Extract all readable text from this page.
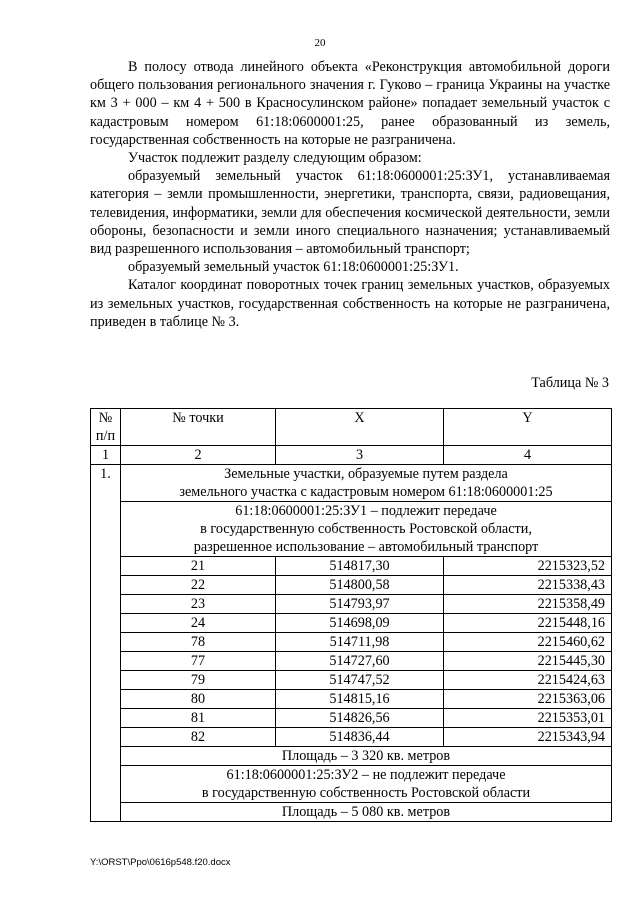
20

В полосу отвода линейного объекта «Реконструкция автомобильной дороги общего пользования регионального значения г. Гуково – граница Украины на участке км 3 + 000 – км 4 + 500 в Красносулинском районе» попадает земельный участок с кадастровым номером 61:18:0600001:25, ранее образованный из земель, государственная собственность на которые не разграничена.

Участок подлежит разделу следующим образом:

образуемый земельный участок 61:18:0600001:25:ЗУ1, устанавливаемая категория – земли промышленности, энергетики, транспорта, связи, радиовещания, телевидения, информатики, земли для обеспечения космической деятельности, земли обороны, безопасности и земли иного специального назначения; устанавливаемый вид разрешенного использования – автомобильный транспорт;

образуемый земельный участок 61:18:0600001:25:ЗУ1.

Каталог координат поворотных точек границ земельных участков, образуемых из земельных участков, государственная собственность на которые не разграничена, приведен в таблице № 3.

Таблица № 3
№ п/п	№ точки	X	Y
1	2	3	4
1.	Земельные участки, образуемые путем раздела
земельного участка с кадастровым номером 61:18:0600001:25		

	61:18:0600001:25:ЗУ1 – подлежит передаче
в государственную собственность Ростовской области,
разрешенное использование – автомобильный транспорт		

	21	514817,30	2215323,52
	22	514800,58	2215338,43
	23	514793,97	2215358,49
	24	514698,09	2215448,16
	78	514711,98	2215460,62
	77	514727,60	2215445,30
	79	514747,52	2215424,63
	80	514815,16	2215363,06
	81	514826,56	2215353,01
	82	514836,44	2215343,94
	Площадь – 3 320 кв. метров		

	61:18:0600001:25:ЗУ2 – не подлежит передаче
в государственную собственность Ростовской области		

	Площадь – 5 080 кв. метров		
Y:\ORST\Ppo\0616p548.f20.docx
